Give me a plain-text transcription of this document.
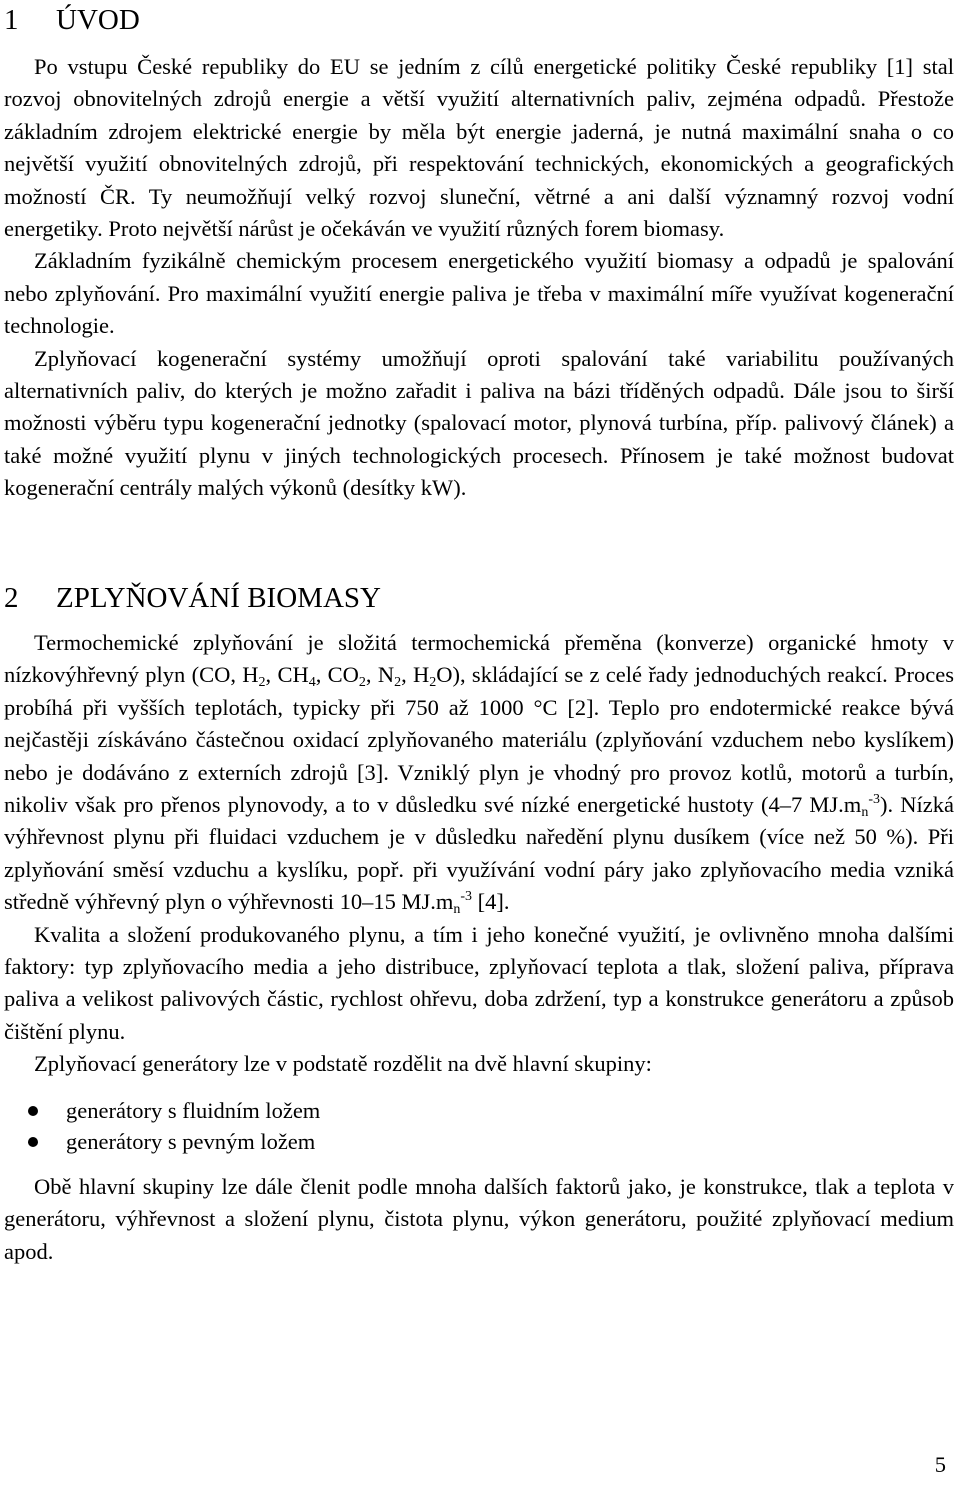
1 ÚVOD

Po vstupu České republiky do EU se jedním z cílů energetické politiky České republiky [1] stal rozvoj obnovitelných zdrojů energie a větší využití alternativních paliv, zejména odpadů. Přestože základním zdrojem elektrické energie by měla být energie jaderná, je nutná maximální snaha o co největší využití obnovitelných zdrojů, při respektování technických, ekonomických a geografických možností ČR. Ty neumožňují velký rozvoj sluneční, větrné a ani další významný rozvoj vodní energetiky. Proto největší nárůst je očekáván ve využití různých forem biomasy.

Základním fyzikálně chemickým procesem energetického využití biomasy a odpadů je spalování nebo zplyňování. Pro maximální využití energie paliva je třeba v maximální míře využívat kogenerační technologie.

Zplyňovací kogenerační systémy umožňují oproti spalování také variabilitu používaných alternativních paliv, do kterých je možno zařadit i paliva na bázi tříděných odpadů. Dále jsou to širší možnosti výběru typu kogenerační jednotky (spalovací motor, plynová turbína, příp. palivový článek) a také možné využití plynu v jiných technologických procesech. Přínosem je také možnost budovat kogenerační centrály malých výkonů (desítky kW).

2 ZPLYŇOVÁNÍ BIOMASY

Termochemické zplyňování je složitá termochemická přeměna (konverze) organické hmoty v nízkovýhřevný plyn (CO, $H_2$, $CH_4$, $CO_2$, $N_2$, $H_2O$), skládající se z celé řady jednoduchých reakcí. Proces probíhá při vyšších teplotách, typicky při 750 až 1000 °C [2]. Teplo pro endotermické reakce bývá nejčastěji získáváno částečnou oxidací zplyňovaného materiálu (zplyňování vzduchem nebo kyslíkem) nebo je dodáváno z externích zdrojů [3]. Vzniklý plyn je vhodný pro provoz kotlů, motorů a turbín, nikoliv však pro přenos plynovody, a to v důsledku své nízké energetické hustoty (4–7 $MJ.m_n^{-3}$). Nízká výhřevnost plynu při fluidaci vzduchem je v důsledku naředění plynu dusíkem (více než 50 %). Při zplyňování směsí vzduchu a kyslíku, popř. při využívání vodní páry jako zplyňovacího media vzniká středně výhřevný plyn o výhřevnosti 10–15 $MJ.m_n^{-3}$ [4].

Kvalita a složení produkovaného plynu, a tím i jeho konečné využití, je ovlivněno mnoha dalšími faktory: typ zplyňovacího media a jeho distribuce, zplyňovací teplota a tlak, složení paliva, příprava paliva a velikost palivových částic, rychlost ohřevu, doba zdržení, typ a konstrukce generátoru a způsob čištění plynu.

Zplyňovací generátory lze v podstatě rozdělit na dvě hlavní skupiny:

generátory s fluidním ložem
generátory s pevným ložem

Obě hlavní skupiny lze dále členit podle mnoha dalších faktorů jako, je konstrukce, tlak a teplota v generátoru, výhřevnost a složení plynu, čistota plynu, výkon generátoru, použité zplyňovací medium apod.

5
